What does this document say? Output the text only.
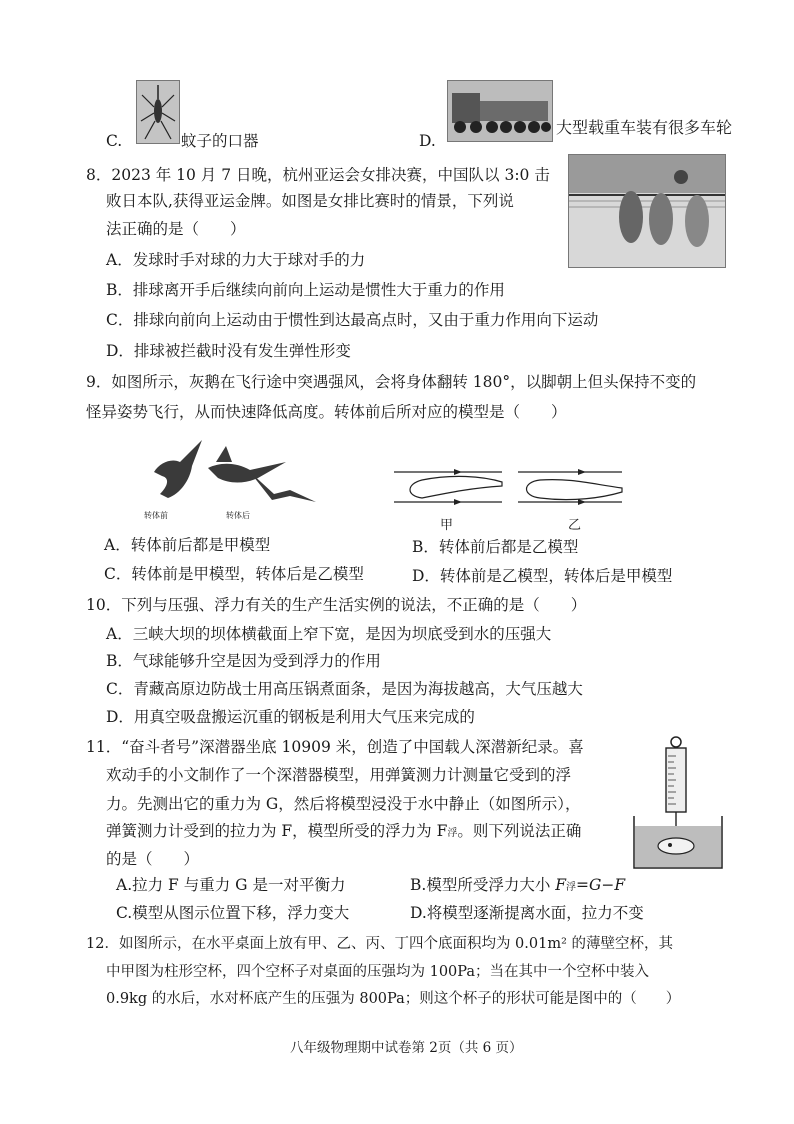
C.	蚊子的口器	D.
大型载重车装有很多车轮
8．2023 年 10 月 7 日晚，杭州亚运会女排决赛，中国队以 3:0 击
败日本队,获得亚运金牌。如图是女排比赛时的情景，下列说
法正确的是（　　）
A．发球时手对球的力大于球对手的力
B．排球离开手后继续向前向上运动是惯性大于重力的作用
C．排球向前向上运动由于惯性到达最高点时，又由于重力作用向下运动
D．排球被拦截时没有发生弹性形变
9．如图所示，灰鹅在飞行途中突遇强风，会将身体翻转 180°，以脚朝上但头保持不变的
怪异姿势飞行，从而快速降低高度。转体前后所对应的模型是（　　）
转体前	转体后
甲	乙
A．转体前后都是甲模型	B．转体前后都是乙模型
C．转体前是甲模型，转体后是乙模型	D．转体前是乙模型，转体后是甲模型
10．下列与压强、浮力有关的生产生活实例的说法，不正确的是（　　）
A．三峡大坝的坝体横截面上窄下宽，是因为坝底受到水的压强大
B．气球能够升空是因为受到浮力的作用
C．青藏高原边防战士用高压锅煮面条，是因为海拔越高，大气压越大
D．用真空吸盘搬运沉重的钢板是利用大气压来完成的
11．“奋斗者号”深潜器坐底 10909 米，创造了中国载人深潜新纪录。喜
欢动手的小文制作了一个深潜器模型，用弹簧测力计测量它受到的浮
力。先测出它的重力为 G，然后将模型浸没于水中静止（如图所示），
弹簧测力计受到的拉力为 F，模型所受的浮力为 F浮。则下列说法正确
的是（　　）
A.拉力 F 与重力 G 是一对平衡力	B.模型所受浮力大小 F浮=G−F
C.模型从图示位置下移，浮力变大	D.将模型逐渐提离水面，拉力不变
12．如图所示，在水平桌面上放有甲、乙、丙、丁四个底面积均为 0.01m² 的薄壁空杯，其
中甲图为柱形空杯，四个空杯子对桌面的压强均为 100Pa；当在其中一个空杯中装入
0.9kg 的水后，水对杯底产生的压强为 800Pa；则这个杯子的形状可能是图中的（　　）
八年级物理期中试卷第 2页（共 6 页）
